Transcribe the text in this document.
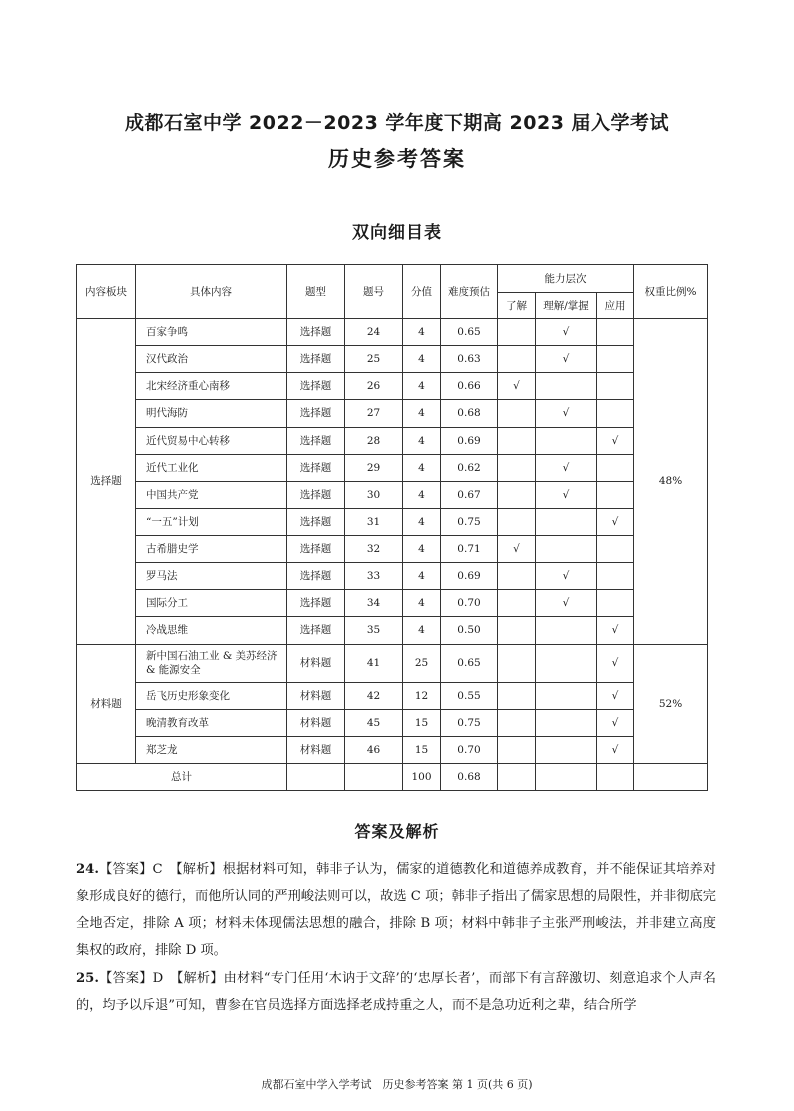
成都石室中学 2022－2023 学年度下期高 2023 届入学考试
历史参考答案
双向细目表
内容板块	具体内容	题型	题号	分值	难度预估	能力层次			权重比例%
						了解	理解/掌握	应用	
选择题	百家争鸣	选择题	24	4	0.65		√		48%
	汉代政治	选择题	25	4	0.63		√		
	北宋经济重心南移	选择题	26	4	0.66	√			
	明代海防	选择题	27	4	0.68		√		
	近代贸易中心转移	选择题	28	4	0.69			√	
	近代工业化	选择题	29	4	0.62		√		
	中国共产党	选择题	30	4	0.67		√		
	“一五”计划	选择题	31	4	0.75			√	
	古希腊史学	选择题	32	4	0.71	√			
	罗马法	选择题	33	4	0.69		√		
	国际分工	选择题	34	4	0.70		√		
	冷战思维	选择题	35	4	0.50			√	
材料题	新中国石油工业 & 美苏经济 & 能源安全	材料题	41	25	0.65			√	52%
	岳飞历史形象变化	材料题	42	12	0.55			√	
	晚清教育改革	材料题	45	15	0.75			√	
	郑芝龙	材料题	46	15	0.70			√	
总计				100	0.68				
答案及解析
24.【答案】C　【解析】根据材料可知，韩非子认为，儒家的道德教化和道德养成教育，并不能保证其培养对象形成良好的德行，而他所认同的严刑峻法则可以，故选 C 项；韩非子指出了儒家思想的局限性，并非彻底完全地否定，排除 A 项；材料未体现儒法思想的融合，排除 B 项；材料中韩非子主张严刑峻法，并非建立高度集权的政府，排除 D 项。
25.【答案】D　【解析】由材料“专门任用‘木讷于文辞’的‘忠厚长者’，而部下有言辞激切、刻意追求个人声名的，均予以斥退”可知，曹参在官员选择方面选择老成持重之人，而不是急功近利之辈，结合所学
成都石室中学入学考试　历史参考答案 第 1 页(共 6 页)
